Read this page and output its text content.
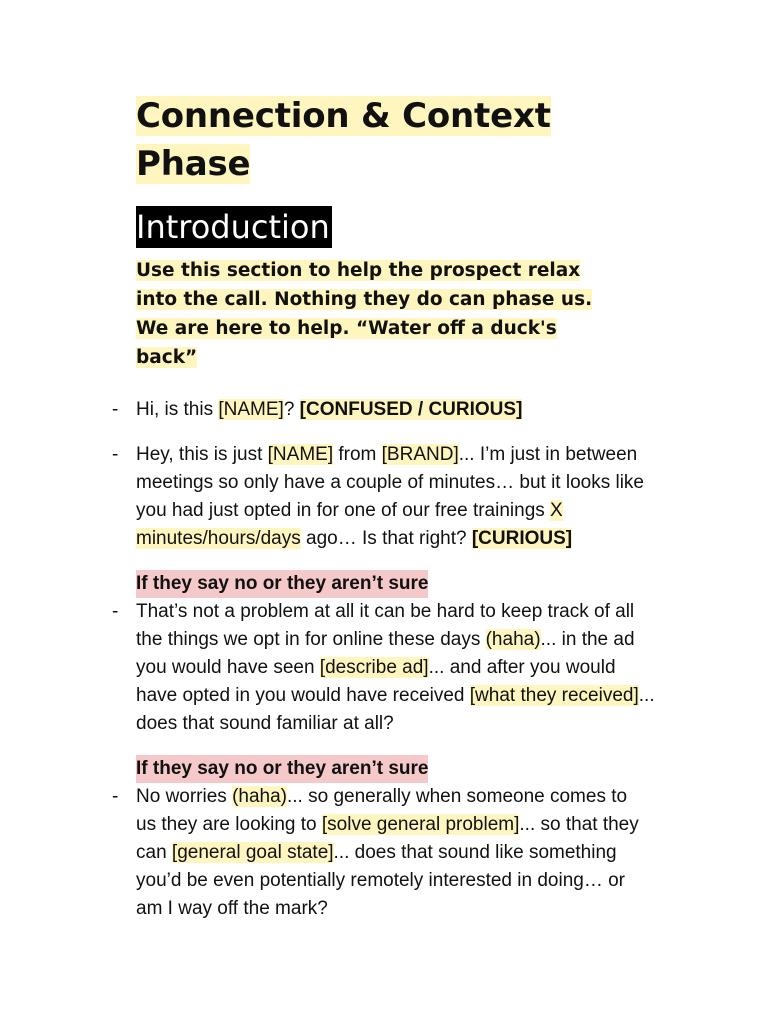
Connection & Context
Phase
Introduction
Use this section to help the prospect relax
into the call. Nothing they do can phase us.
We are here to help. “Water off a duck's
back”
- Hi, is this [NAME]? [CONFUSED / CURIOUS]
- Hey, this is just [NAME] from [BRAND]... I’m just in between
meetings so only have a couple of minutes… but it looks like
you had just opted in for one of our free trainings X
minutes/hours/days ago… Is that right? [CURIOUS]
If they say no or they aren’t sure
- That’s not a problem at all it can be hard to keep track of all
the things we opt in for online these days (haha)... in the ad
you would have seen [describe ad]... and after you would
have opted in you would have received [what they received]...
does that sound familiar at all?
If they say no or they aren’t sure
- No worries (haha)... so generally when someone comes to
us they are looking to [solve general problem]... so that they
can [general goal state]... does that sound like something
you’d be even potentially remotely interested in doing… or
am I way off the mark?
